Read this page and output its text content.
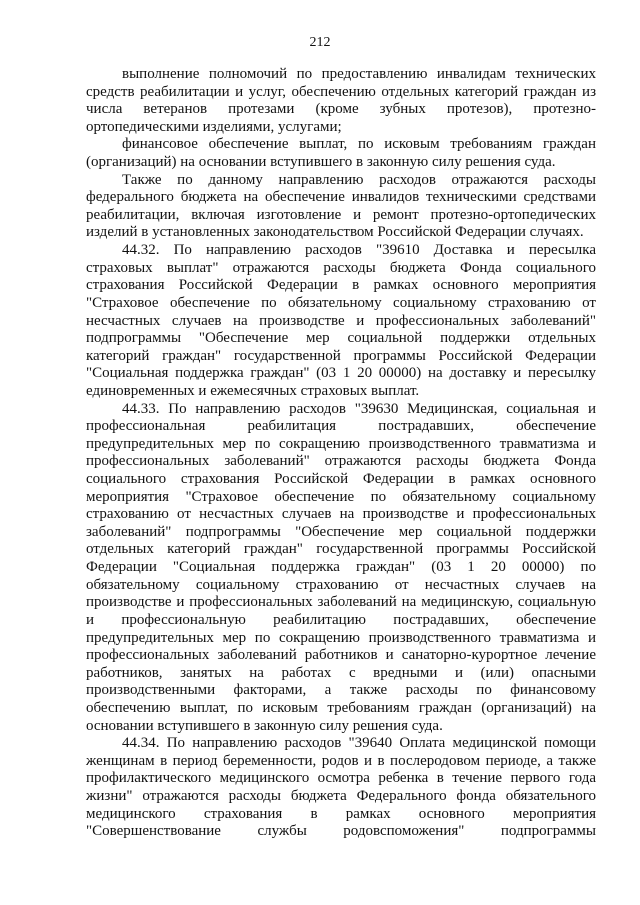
212
выполнение полномочий по предоставлению инвалидам технических
средств реабилитации и услуг, обеспечению отдельных категорий граждан из
числа ветеранов протезами (кроме зубных протезов), протезно-
ортопедическими изделиями, услугами;
финансовое обеспечение выплат, по исковым требованиям граждан
(организаций) на основании вступившего в законную силу решения суда.
Также по данному направлению расходов отражаются расходы
федерального бюджета на обеспечение инвалидов техническими средствами
реабилитации, включая изготовление и ремонт протезно-ортопедических
изделий в установленных законодательством Российской Федерации случаях.
44.32. По направлению расходов "39610 Доставка и пересылка
страховых выплат" отражаются расходы бюджета Фонда социального
страхования Российской Федерации в рамках основного мероприятия
"Страховое обеспечение по обязательному социальному страхованию от
несчастных случаев на производстве и профессиональных заболеваний"
подпрограммы "Обеспечение мер социальной поддержки отдельных
категорий граждан" государственной программы Российской Федерации
"Социальная поддержка граждан" (03 1 20 00000) на доставку и пересылку
единовременных и ежемесячных страховых выплат.
44.33. По направлению расходов "39630 Медицинская, социальная и
профессиональная реабилитация пострадавших, обеспечение
предупредительных мер по сокращению производственного травматизма и
профессиональных заболеваний" отражаются расходы бюджета Фонда
социального страхования Российской Федерации в рамках основного
мероприятия "Страховое обеспечение по обязательному социальному
страхованию от несчастных случаев на производстве и профессиональных
заболеваний" подпрограммы "Обеспечение мер социальной поддержки
отдельных категорий граждан" государственной программы Российской
Федерации "Социальная поддержка граждан" (03 1 20 00000) по
обязательному социальному страхованию от несчастных случаев на
производстве и профессиональных заболеваний на медицинскую, социальную
и профессиональную реабилитацию пострадавших, обеспечение
предупредительных мер по сокращению производственного травматизма и
профессиональных заболеваний работников и санаторно-курортное лечение
работников, занятых на работах с вредными и (или) опасными
производственными факторами, а также расходы по финансовому
обеспечению выплат, по исковым требованиям граждан (организаций) на
основании вступившего в законную силу решения суда.
44.34. По направлению расходов "39640 Оплата медицинской помощи
женщинам в период беременности, родов и в послеродовом периоде, а также
профилактического медицинского осмотра ребенка в течение первого года
жизни" отражаются расходы бюджета Федерального фонда обязательного
медицинского страхования в рамках основного мероприятия
"Совершенствование службы родовспоможения" подпрограммы
